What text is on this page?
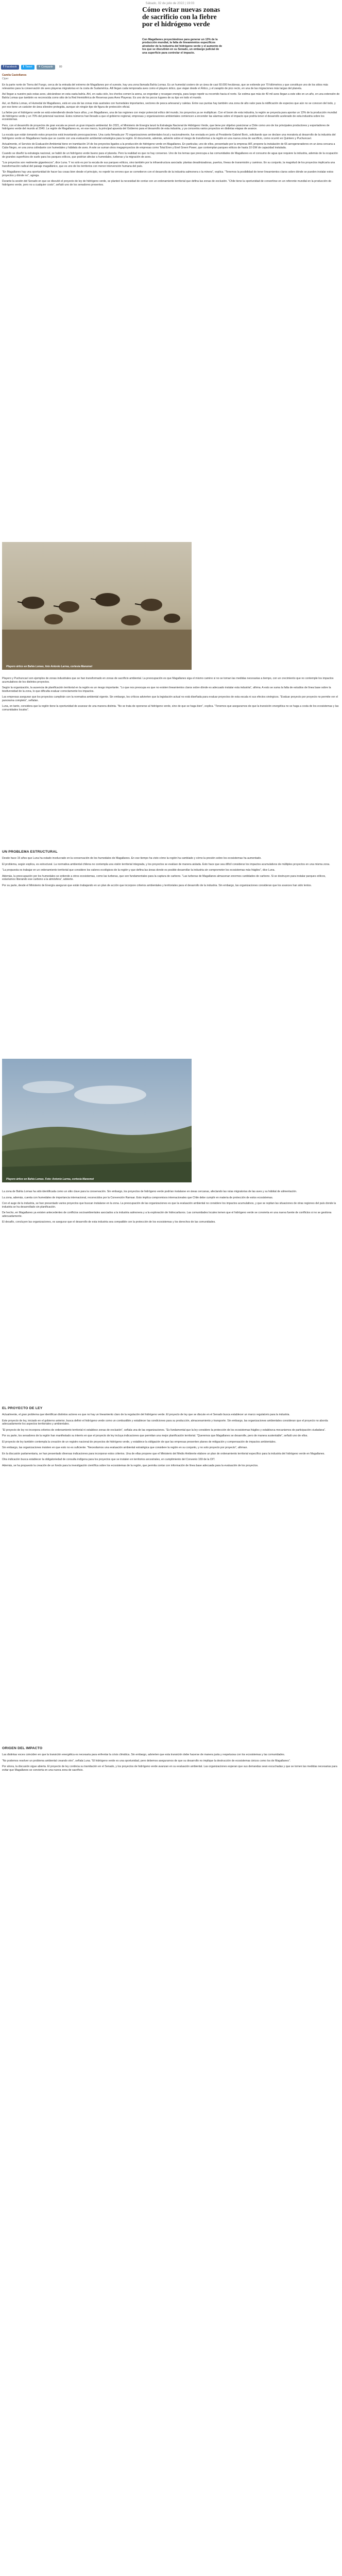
Sábado, 02 de julio de 2022 | 19:03
Cómo evitar nuevas zonas de sacrificio con la fiebre por el hidrógeno verde
Con Magallanes proyectándose para generar un 13% de la producción mundial, la falta de lineamientos específicos alrededor de la industria del hidrógeno verde y el aumento de los que se discutirán en su Senado, un embargo judicial de una superficie para controlar el impacto.
f Facebook t Tweet + Compartir 80
Camila Castellanos
Ciper

En la parte norte de Tierra del Fuego, cerca de la entrada del extremo de Magallanes por el sureste, hay una zona llamada Bahía Lomas. Es un humedal costero de un área de casi 60.000 hectáreas, que se extiende por 70 kilómetros y que constituye uno de los sitios más relevantes para la conservación de aves playeras migratorias en la costa de Sudamérica. Allí llegan cada temporada aves como el playero ártico, que viajan desde el Ártico, y el zarapito de pico recto, en una de las migraciones más largas del planeta.

Así llegan a nuestro país estas aves, ubicándose en esta vasta bahía. Ahí, en cada ciclo, los chorlos comen la arena, se engordan y recargan energía, para luego repetir su recorrido hacia el norte. Se estima que más de 40 mil aves llegan a este sitio en un año, en una extensión de Bahía Lomas que también es reconocida como sitio de la Red Hemisférica de Reservas para Aves Playeras. Es uno de los pocos lugares de su tipo en todo el mundo.

Así, en Bahía Lomas, el Humedal de Magallanes, está en una de las zonas más australes con humedales importantes, sectores de pesca artesanal y caletas. Entre sus puntas hay también una zona de alto valor para la nidificación de especies que aún no se conocen del todo, y por eso tiene un carácter de área silvestre protegida, aunque sin ningún tipo de figura de protección oficial.

La fiebre por el hidrógeno verde se está extendiendo desde hace años, y en Magallanes, una de las regiones con mejor potencial eólico del mundo, los proyectos ya se multiplican. Con el boom de esta industria, la región se proyecta para aportar un 13% de la producción mundial de hidrógeno verde y un 70% del potencial nacional. Estos números han llevado a que el gobierno regional, empresas y organizaciones ambientales comiencen a encender las alarmas sobre el impacto que podría tener el desarrollo acelerado de esta industria sobre los ecosistemas.

Pero, con el desarrollo de proyectos de gran escala se prevé un gran impacto ambiental. En 2021, el Ministerio de Energía lanzó la Estrategia Nacional de Hidrógeno Verde, que tiene por objetivo posicionar a Chile como uno de los principales productores y exportadores de hidrógeno verde del mundo al 2040. La región de Magallanes es, en ese marco, la principal apuesta del Gobierno para el desarrollo de esta industria, y ya concentra varios proyectos en distintas etapas de avance.

La escala que están tomando estos proyectos está levantando preocupaciones. Una carta firmada por 70 organizaciones ambientales local y nacionalmente, fue enviada en junio al Presidente Gabriel Boric, solicitando que se declare una moratoria al desarrollo de la industria del hidrógeno verde en Magallanes hasta que se cuente con una evaluación ambiental estratégica para la región. El documento, además, advierte sobre el riesgo de transformar a la región en una nueva zona de sacrificio, como ocurrió en Quintero y Puchuncaví.

Actualmente, el Servicio de Evaluación Ambiental tiene en tramitación 14 de los proyectos ligados a la producción de hidrógeno verde en Magallanes. En particular, uno de ellos, presentado por la empresa HIF, propone la instalación de 65 aerogeneradores en un área cercana a Cabo Negro, en una zona colindante con humedales y hábitats de aves. A este se suman otros megaproyectos de empresas como Total Eren y Enel Green Power, que contemplan parques eólicos de hasta 10 GW de capacidad instalada.

Cuando se diseñó la estrategia nacional, se habló de un hidrógeno verde bueno para el planeta. Pero la realidad es que no hay consenso. Uno de los temas que preocupa a las comunidades de Magallanes es el consumo de agua que requiere la industria, además de la ocupación de grandes superficies de suelo para los parques eólicos, que podrían afectar a humedales, turberas y la migración de aves.

“Los proyectos son realmente gigantescos”, dice Luna. Y no solo es por la escala de sus parques eólicos, sino también por la infraestructura asociada: plantas desalinizadoras, puertos, líneas de transmisión y caminos. En su conjunto, la magnitud de los proyectos implicaría una transformación radical del paisaje magallánico, que es uno de los territorios con menor intervención humana del país.

“En Magallanes hay una oportunidad de hacer las cosas bien desde el principio, no repetir los errores que se cometieron con el desarrollo de la industria salmonera o la minera”, explica. “Tenemos la posibilidad de tener lineamientos claros sobre dónde se pueden instalar estos proyectos y dónde no”, agrega.

Durante la sesión del Senado en que se discutió el proyecto de ley de hidrógeno verde, se planteó la necesidad de contar con un ordenamiento territorial que defina las zonas de exclusión. “Chile tiene la oportunidad de convertirse en un referente mundial en la producción de hidrógeno verde, pero no a cualquier costo”, señaló uno de los senadores presentes.

Playero ártico en Bahía Lomas, foto Antonio Larrea, cortesía Manomet

Playero y Puchuncaví son ejemplos de zonas industriales que se han transformado en zonas de sacrificio ambiental. La preocupación es que Magallanes siga el mismo camino si no se toman las medidas necesarias a tiempo, con un crecimiento que no contemple los impactos acumulativos de los distintos proyectos.

Según la organización, la ausencia de planificación territorial en la región es un riesgo importante. “Lo que nos preocupa es que no existen lineamientos claros sobre dónde es adecuado instalar esta industria”, afirma. A esto se suma la falta de estudios de línea base sobre la biodiversidad de la zona, lo que dificulta evaluar correctamente los impactos.

Las empresas aseguran que los proyectos cumplirán con la normativa ambiental vigente. Sin embargo, los críticos advierten que la legislación actual no está diseñada para evaluar proyectos de esta escala ni sus efectos sinérgicos. “Evaluar proyecto por proyecto no permite ver el panorama completo”, señalan.

Luna, en tanto, considera que la región tiene la oportunidad de avanzar de una manera distinta. “No se trata de oponerse al hidrógeno verde, sino de que se haga bien”, explica. “Tenemos que asegurarnos de que la transición energética no se haga a costa de los ecosistemas y las comunidades locales”.

UN PROBLEMA ESTRUCTURAL

Desde hace 15 años que Luna ha estado involucrado en la conservación de los humedales de Magallanes. En ese tiempo ha visto cómo la región ha cambiado y cómo la presión sobre los ecosistemas ha aumentado.

El problema, según explica, es estructural. La normativa ambiental chilena no contempla una visión territorial integrada, y los proyectos se evalúan de manera aislada. Esto hace que sea difícil considerar los impactos acumulativos de múltiples proyectos en una misma zona.

“La propuesta es trabajar en un ordenamiento territorial que considere los valores ecológicos de la región y que defina las áreas donde es posible desarrollar la industria sin comprometer los ecosistemas más frágiles”, dice Luna.

Además, la preocupación por los humedales se extiende a otros ecosistemas, como las turberas, que son fundamentales para la captura de carbono. “Las turberas de Magallanes almacenan enormes cantidades de carbono. Si se destruyen para instalar parques eólicos, estaríamos liberando ese carbono a la atmósfera”, advierte.

Por su parte, desde el Ministerio de Energía aseguran que están trabajando en un plan de acción que incorpore criterios ambientales y territoriales para el desarrollo de la industria. Sin embargo, las organizaciones consideran que los avances han sido lentos.

Playero ártico en Bahía Lomas. Foto: Antonio Larrea, cortesía Manomet

La zona de Bahía Lomas ha sido identificada como un sitio clave para la conservación. Sin embargo, los proyectos de hidrógeno verde podrían instalarse en áreas cercanas, afectando las rutas migratorias de las aves y su hábitat de alimentación.

La zona, además, cuenta con humedales de importancia internacional, reconocidos por la Convención Ramsar. Esto implica compromisos internacionales que Chile debe cumplir en materia de protección de estos ecosistemas.

Con el auge de la industria, se han presentado varios proyectos que buscan instalarse en la zona. La preocupación de las organizaciones es que la evaluación ambiental no considere los impactos acumulativos, y que se repitan las situaciones de otras regiones del país donde la industria se ha desarrollado sin planificación.

De hecho, en Magallanes ya existen antecedentes de conflictos socioambientales asociados a la industria salmonera y a la exploración de hidrocarburos. Las comunidades locales temen que el hidrógeno verde se convierta en una nueva fuente de conflictos si no se gestiona adecuadamente.

El desafío, concluyen las organizaciones, es asegurar que el desarrollo de esta industria sea compatible con la protección de los ecosistemas y los derechos de las comunidades.

EL PROYECTO DE LEY

Actualmente, el gran problema que identifican distintos actores es que no hay un lineamiento claro de la regulación del hidrógeno verde. El proyecto de ley que se discute en el Senado busca establecer un marco regulatorio para la industria.

Este proyecto de ley, iniciado en el gobierno anterior, busca definir el hidrógeno verde como un combustible y establecer las condiciones para su producción, almacenamiento y transporte. Sin embargo, las organizaciones ambientales consideran que el proyecto no aborda adecuadamente los aspectos territoriales y ambientales.

“El proyecto de ley no incorpora criterios de ordenamiento territorial ni establece zonas de exclusión”, señala una de las organizaciones. “Es fundamental que la ley considere la protección de los ecosistemas frágiles y establezca mecanismos de participación ciudadana”.

Por su parte, los senadores de la región han manifestado su interés en que el proyecto de ley incluya indicaciones que permitan una mejor planificación territorial. “Queremos que Magallanes se desarrolle, pero de manera sustentable”, señaló uno de ellos.

El proyecto de ley también contempla la creación de un registro nacional de proyectos de hidrógeno verde, y establece la obligación de que las empresas presenten planes de mitigación y compensación de impactos ambientales.

Sin embargo, las organizaciones insisten en que esto no es suficiente. “Necesitamos una evaluación ambiental estratégica que considere la región en su conjunto, y no solo proyecto por proyecto”, afirman.

En la discusión parlamentaria, se han presentado diversas indicaciones para incorporar estos criterios. Una de ellas propone que el Ministerio del Medio Ambiente elabore un plan de ordenamiento territorial específico para la industria del hidrógeno verde en Magallanes.

Otra indicación busca establecer la obligatoriedad de consulta indígena para los proyectos que se instalen en territorios ancestrales, en cumplimiento del Convenio 169 de la OIT.

Además, se ha propuesto la creación de un fondo para la investigación científica sobre los ecosistemas de la región, que permita contar con información de línea base adecuada para la evaluación de los proyectos.

ORIGEN DEL IMPACTO

Las distintas voces coinciden en que la transición energética es necesaria para enfrentar la crisis climática. Sin embargo, advierten que esta transición debe hacerse de manera justa y respetuosa con los ecosistemas y las comunidades.

“No podemos resolver un problema ambiental creando otro”, señala Luna. “El hidrógeno verde es una oportunidad, pero debemos asegurarnos de que su desarrollo no implique la destrucción de ecosistemas únicos como los de Magallanes”.

Por ahora, la discusión sigue abierta. El proyecto de ley continúa su tramitación en el Senado, y los proyectos de hidrógeno verde avanzan en su evaluación ambiental. Las organizaciones esperan que sus demandas sean escuchadas y que se tomen las medidas necesarias para evitar que Magallanes se convierta en una nueva zona de sacrificio.
